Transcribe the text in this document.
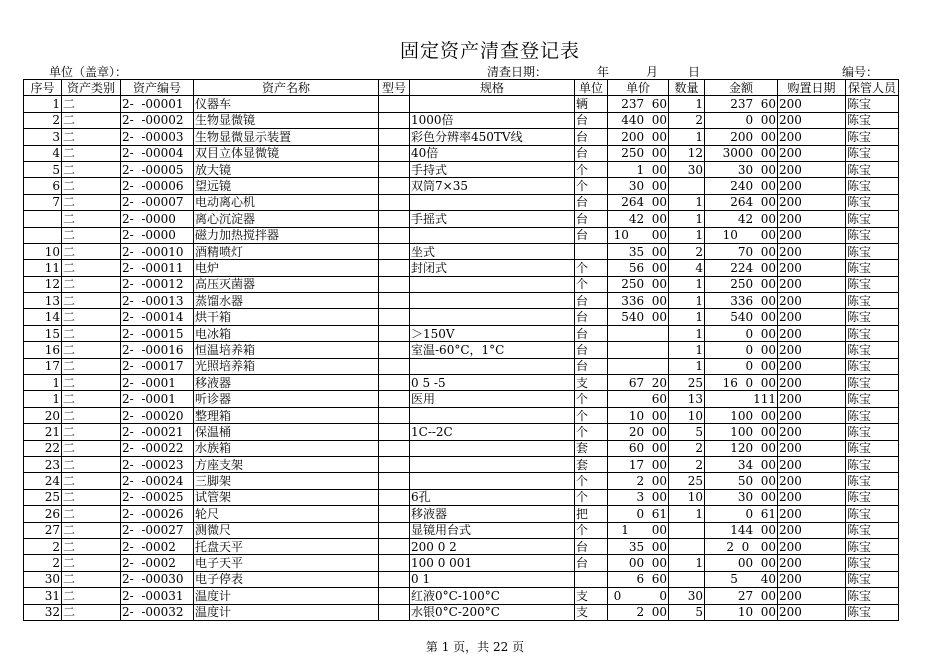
固定资产清查登记表
单位（盖章）：	清查日期：	年	月 日	编号：
序号	资产类别	资产编号	资产名称	型号	规格	单位	单价	数量	金额	购置日期	保管人员
1	二	2-  -00001	仪器车			辆	237  60	1	237  60	200	陈宝
2	二	2-  -00002	生物显微镜		1000倍	台	440  00	2	0  00	200	陈宝
3	二	2-  -00003	生物显微显示装置		彩色分辨率450TV线	台	200  00	1	200  00	200	陈宝
4	二	2-  -00004	双目立体显微镜		40倍	台	250  00	12	3000  00	200	陈宝
5	二	2-  -00005	放大镜		手持式	个	1  00	30	30  00	200	陈宝
6	二	2-  -00006	望远镜		双筒7×35	个	30  00		240  00	200	陈宝
7	二	2-  -00007	电动离心机			台	264  00	1	264  00	200	陈宝
	二	2-  -0000	离心沉淀器		手摇式	台	42  00	1	42  00	200	陈宝
	二	2-  -0000	磁力加热搅拌器			台	10      00	1	10      00	200	陈宝
10	二	2-  -00010	酒精喷灯		坐式		35  00	2	70  00	200	陈宝
11	二	2-  -00011	电炉		封闭式	个	56  00	4	224  00	200	陈宝
12	二	2-  -00012	高压灭菌器			个	250  00	1	250  00	200	陈宝
13	二	2-  -00013	蒸馏水器			台	336  00	1	336  00	200	陈宝
14	二	2-  -00014	烘干箱			台	540  00	1	540  00	200	陈宝
15	二	2-  -00015	电冰箱		＞150V	台		1	0  00	200	陈宝
16	二	2-  -00016	恒温培养箱		室温-60°C，1°C	台		1	0  00	200	陈宝
17	二	2-  -00017	光照培养箱			台		1	0  00	200	陈宝
1	二	2-  -0001	移液器		0 5 -5	支	67  20	25	16  0  00	200	陈宝
1	二	2-  -0001	听诊器		医用	个	60	13	111	200	陈宝
20	二	2-  -00020	整理箱			个	10  00	10	100  00	200	陈宝
21	二	2-  -00021	保温桶		1C--2C	个	20  00	5	100  00	200	陈宝
22	二	2-  -00022	水族箱			套	60  00	2	120  00	200	陈宝
23	二	2-  -00023	方座支架			套	17  00	2	34  00	200	陈宝
24	二	2-  -00024	三脚架			个	2  00	25	50  00	200	陈宝
25	二	2-  -00025	试管架		6孔	个	3  00	10	30  00	200	陈宝
26	二	2-  -00026	轮尺		移液器	把	0  61	1	0  61	200	陈宝
27	二	2-  -00027	测微尺		显镜用台式	个	1      00		144  00	200	陈宝
2	二	2-  -0002	托盘天平		200 0 2	台	35  00		2  0   00	200	陈宝
2	二	2-  -0002	电子天平		100 0 001	台	00  00	1	00  00	200	陈宝
30	二	2-  -00030	电子停表		0 1		6  60		5      40	200	陈宝
31	二	2-  -00031	温度计		红液0°C-100°C	支	0          0	30	27  00	200	陈宝
32	二	2-  -00032	温度计		水银0°C-200°C	支	2  00	5	10  00	200	陈宝
第 1 页，共 22 页
